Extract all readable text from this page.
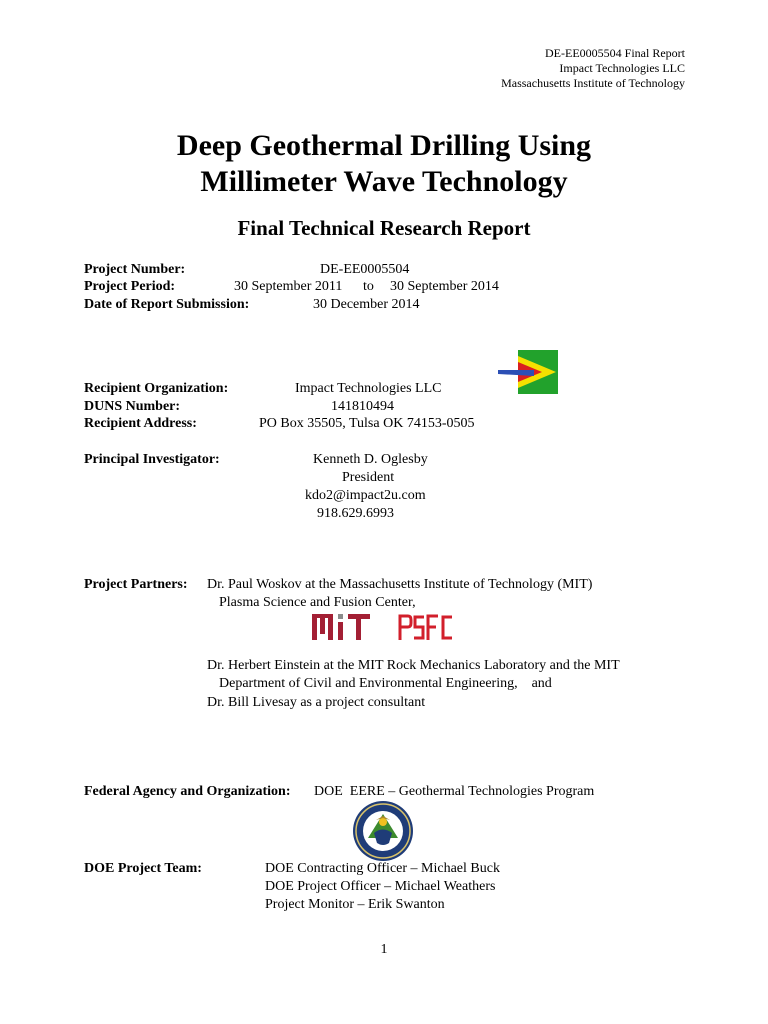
DE-EE0005504 Final Report
Impact Technologies LLC
Massachusetts Institute of Technology
Deep Geothermal Drilling Using
Millimeter Wave Technology
Final Technical Research Report
Project Number:	DE-EE0005504
Project Period:	30 September 2011 to 30 September 2014
Date of Report Submission:	30 December 2014
Recipient Organization:	Impact Technologies LLC
DUNS Number:	141810494
Recipient Address:	PO Box 35505, Tulsa OK 74153-0505
Principal Investigator:	Kenneth D. Oglesby
President
kdo2@impact2u.com
918.629.6993
Project Partners: Dr. Paul Woskov at the Massachusetts Institute of Technology (MIT)
Plasma Science and Fusion Center,
Dr. Herbert Einstein at the MIT Rock Mechanics Laboratory and the MIT
Department of Civil and Environmental Engineering,    and
Dr. Bill Livesay as a project consultant
Federal Agency and Organization: DOE  EERE – Geothermal Technologies Program
DOE Project Team:	DOE Contracting Officer – Michael Buck
DOE Project Officer – Michael Weathers
Project Monitor – Erik Swanton
1
